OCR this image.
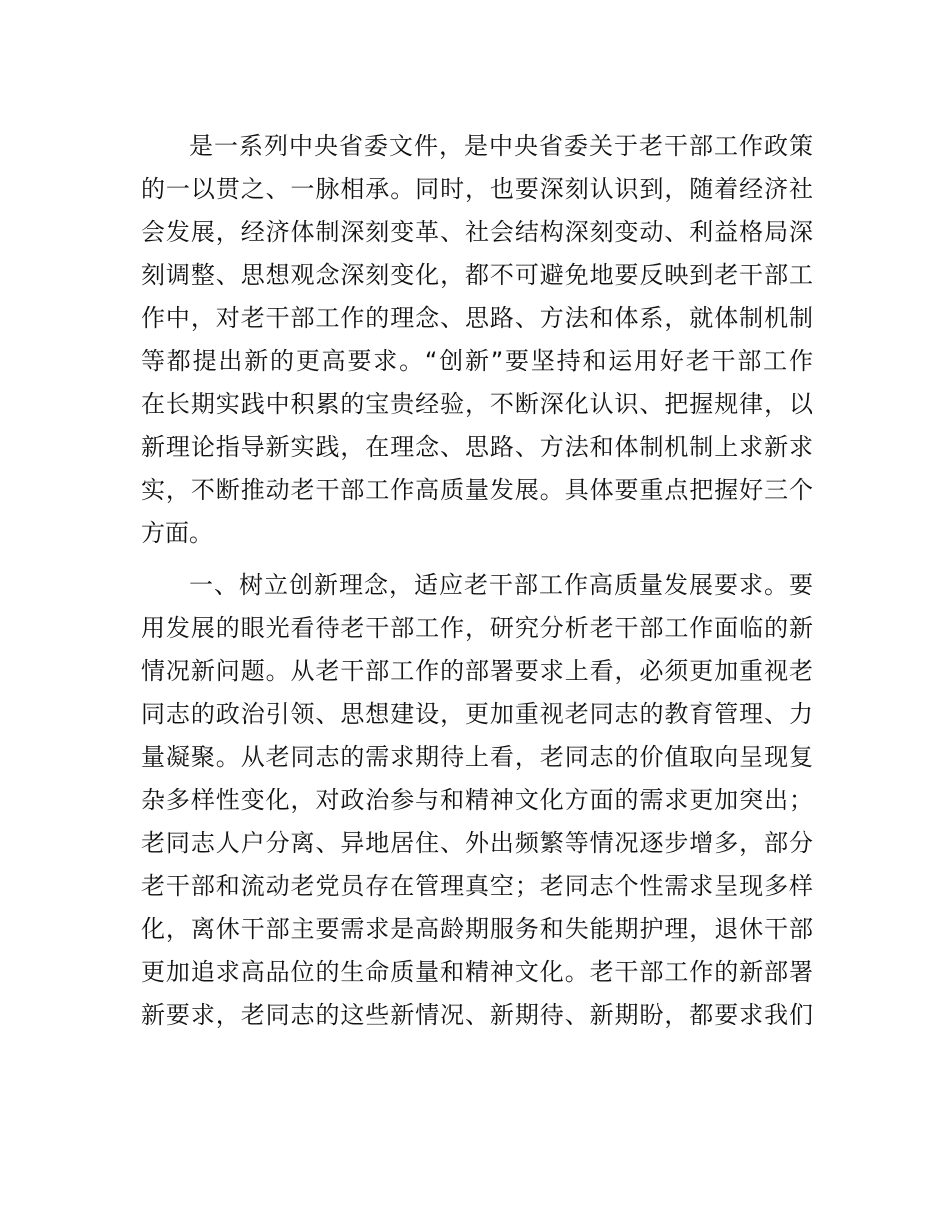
是一系列中央省委文件，是中央省委关于老干部工作政策
的一以贯之、一脉相承。同时，也要深刻认识到，随着经济社
会发展，经济体制深刻变革、社会结构深刻变动、利益格局深
刻调整、思想观念深刻变化，都不可避免地要反映到老干部工
作中，对老干部工作的理念、思路、方法和体系，就体制机制
等都提出新的更高要求。“创新”要坚持和运用好老干部工作
在长期实践中积累的宝贵经验，不断深化认识、把握规律，以
新理论指导新实践，在理念、思路、方法和体制机制上求新求
实，不断推动老干部工作高质量发展。具体要重点把握好三个
方面。
一、树立创新理念，适应老干部工作高质量发展要求。要
用发展的眼光看待老干部工作，研究分析老干部工作面临的新
情况新问题。从老干部工作的部署要求上看，必须更加重视老
同志的政治引领、思想建设，更加重视老同志的教育管理、力
量凝聚。从老同志的需求期待上看，老同志的价值取向呈现复
杂多样性变化，对政治参与和精神文化方面的需求更加突出；
老同志人户分离、异地居住、外出频繁等情况逐步增多，部分
老干部和流动老党员存在管理真空；老同志个性需求呈现多样
化，离休干部主要需求是高龄期服务和失能期护理，退休干部
更加追求高品位的生命质量和精神文化。老干部工作的新部署
新要求，老同志的这些新情况、新期待、新期盼，都要求我们
